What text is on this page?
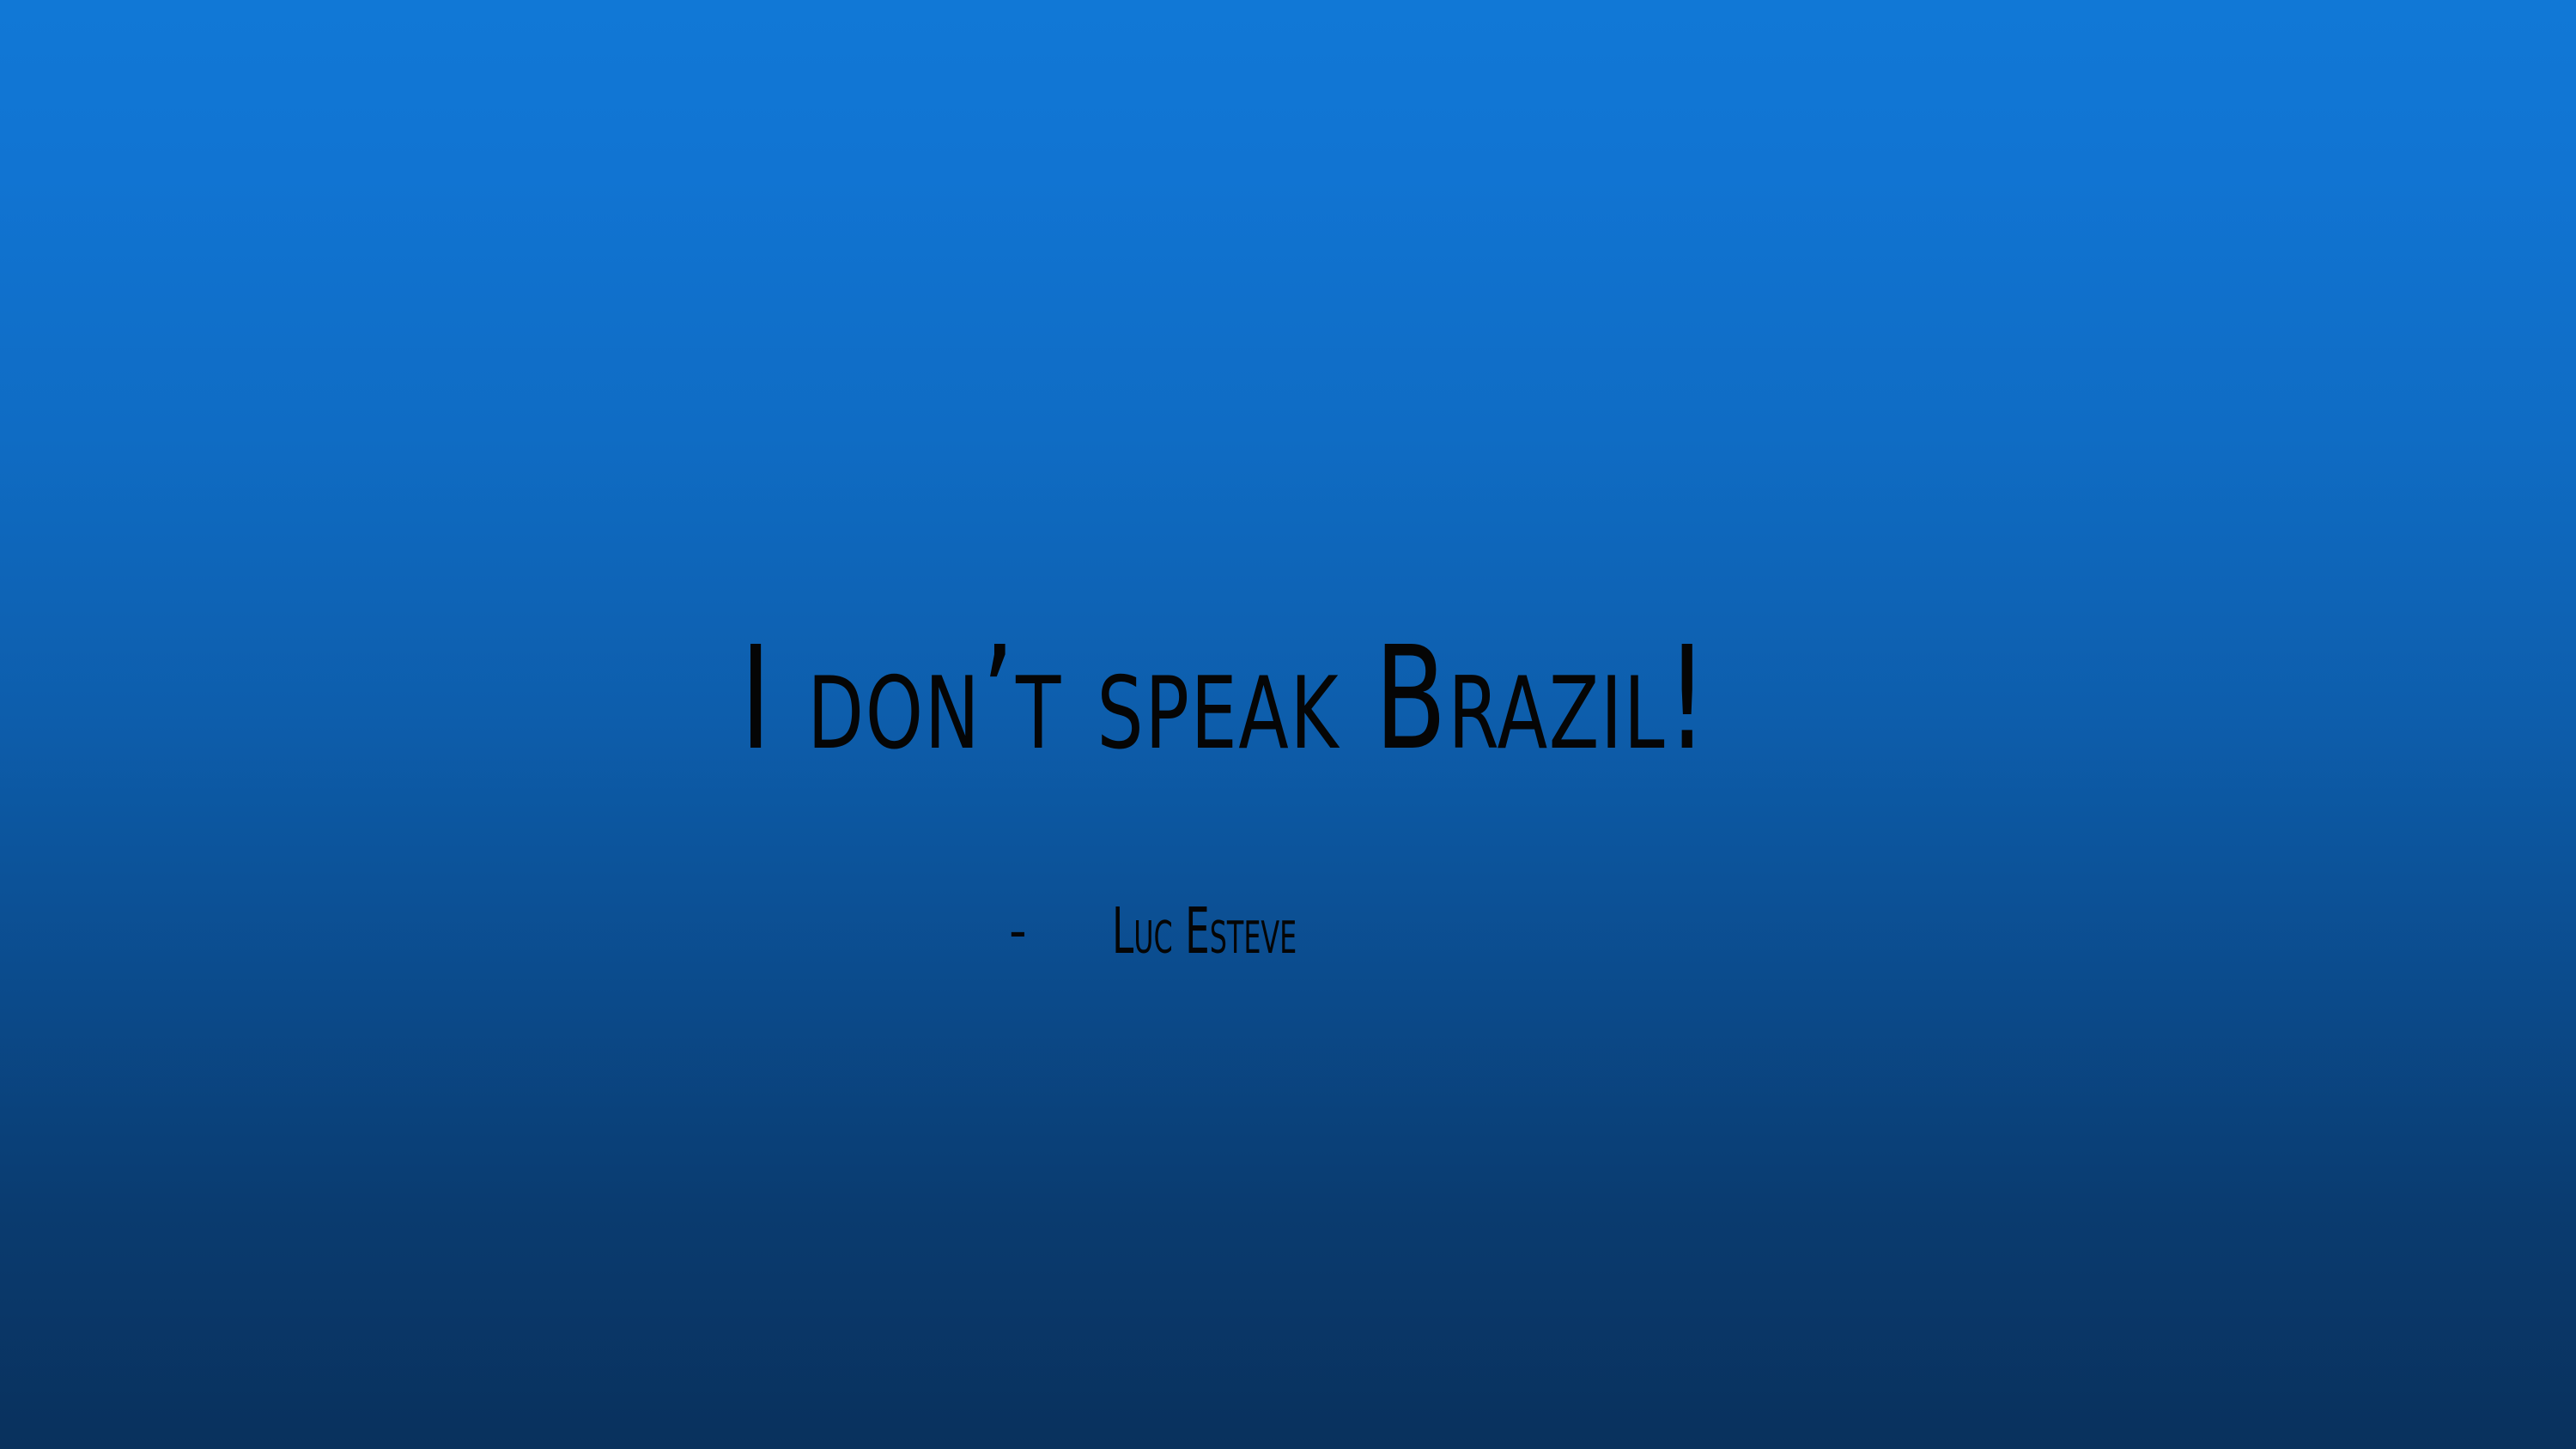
I don’t speak Brazil!

- Luc Esteve
